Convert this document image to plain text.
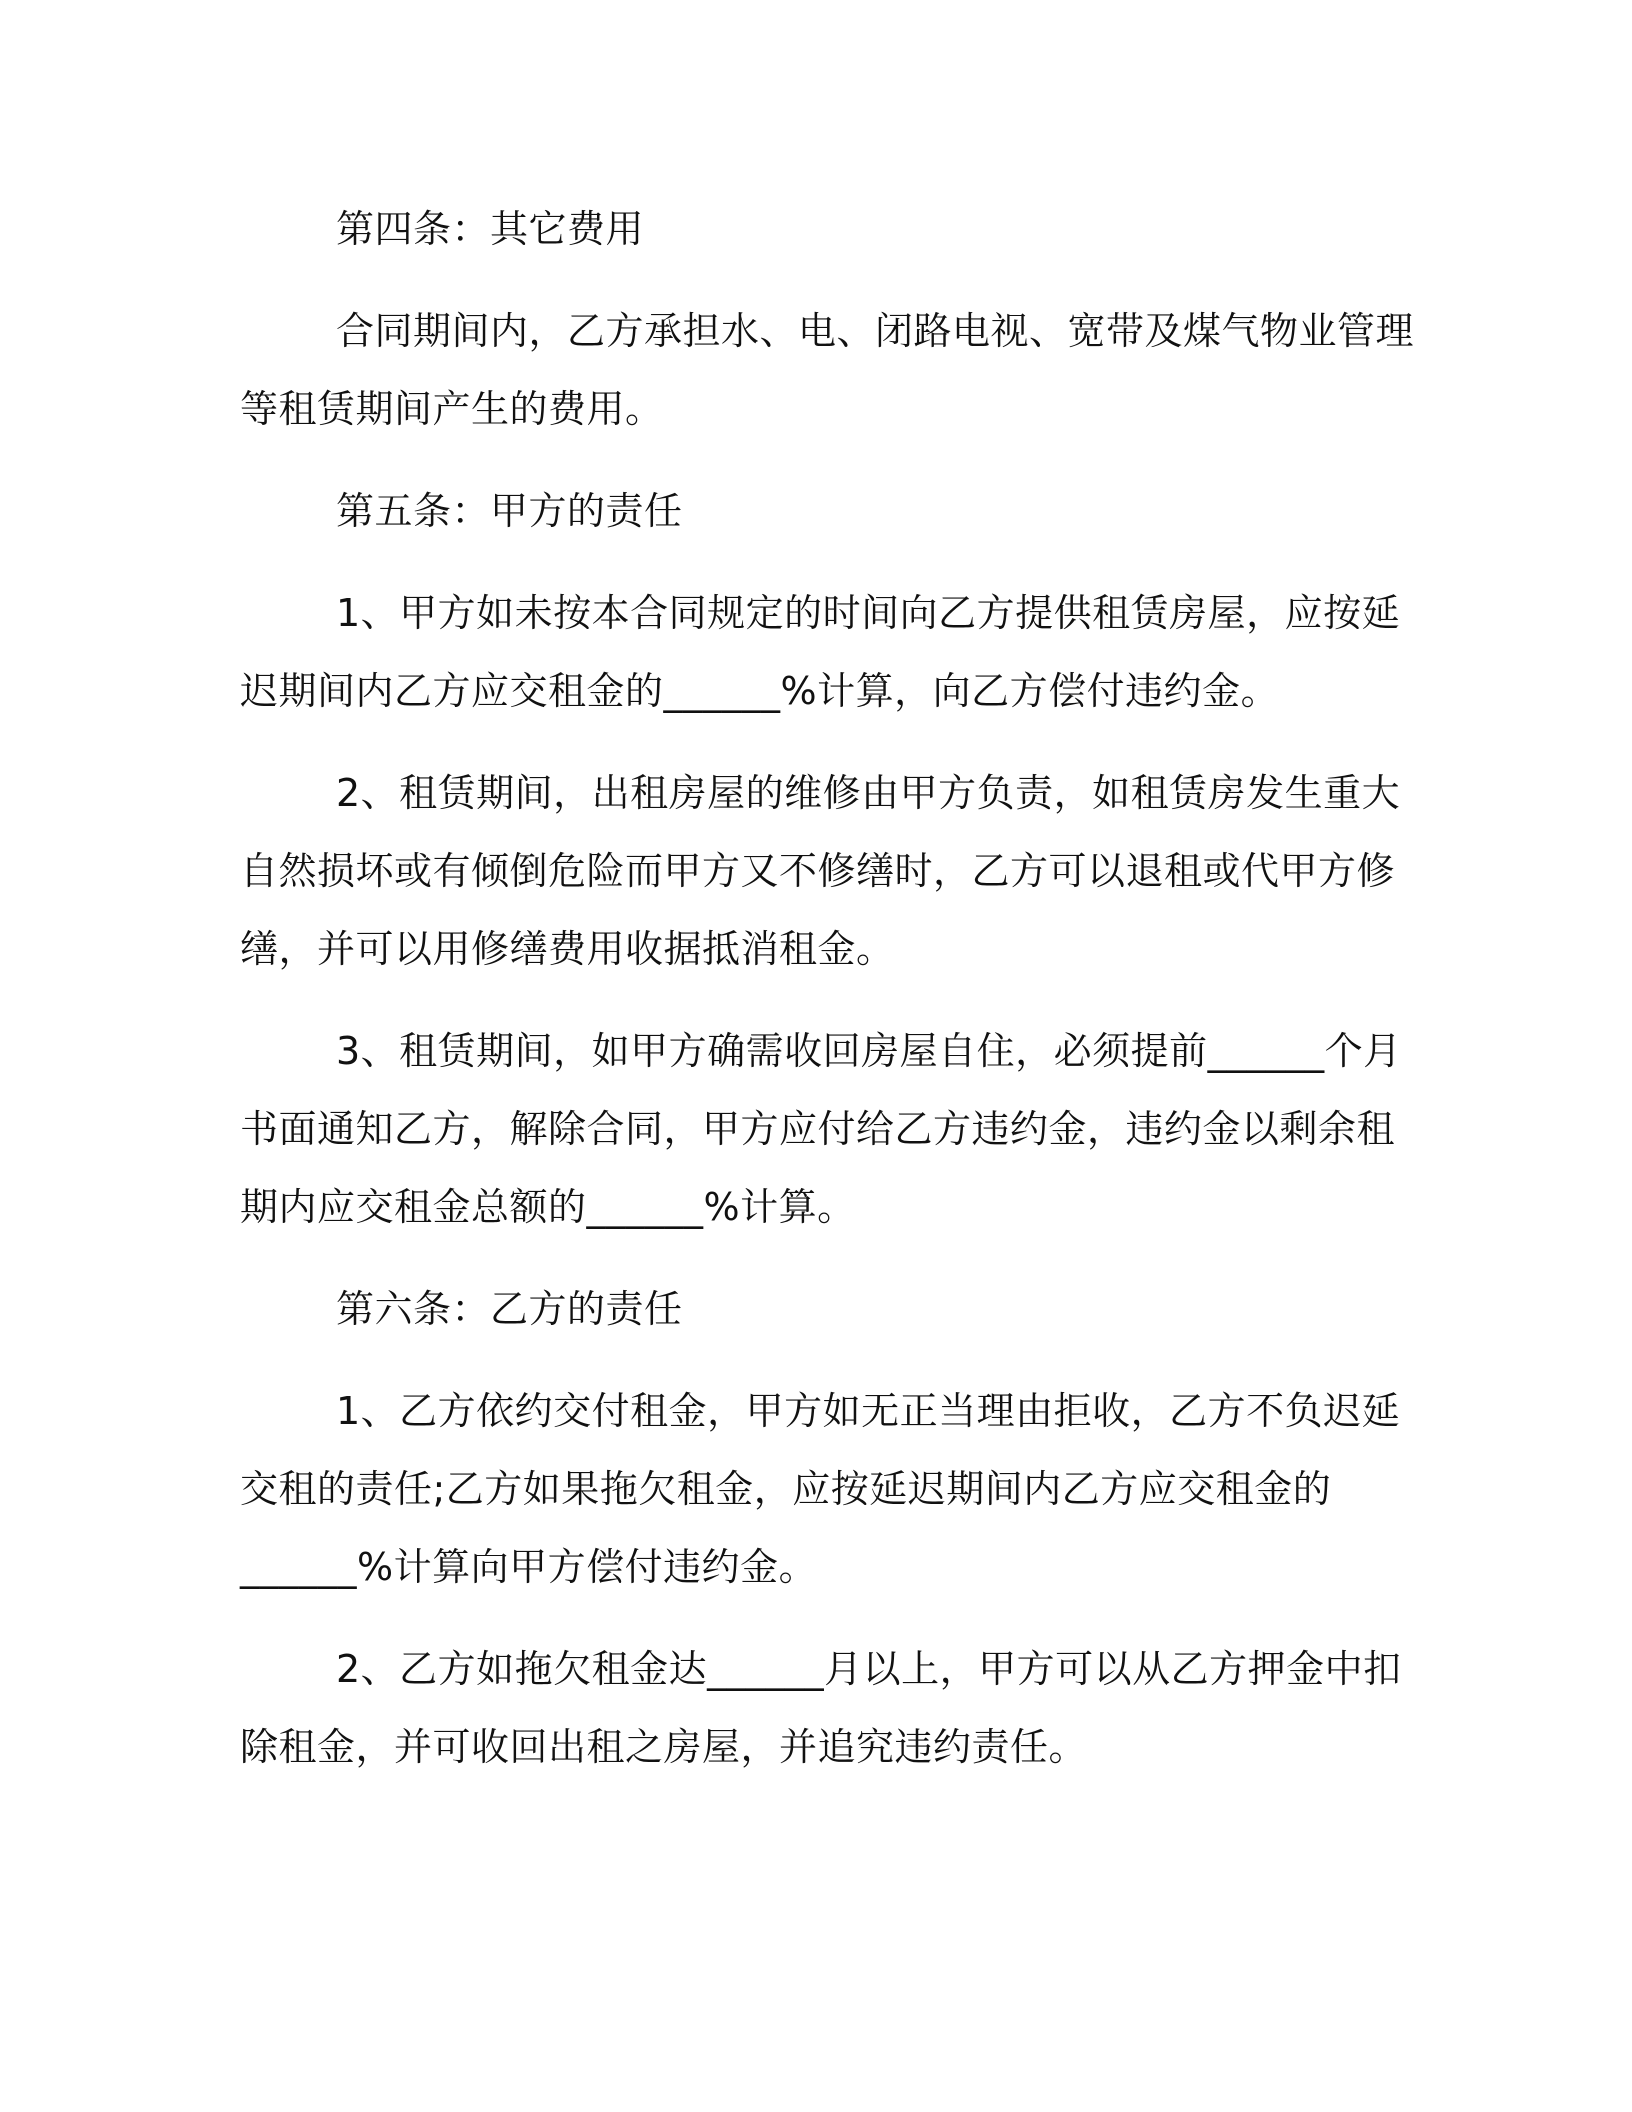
第四条：其它费用
合同期间内，乙方承担水、电、闭路电视、宽带及煤气物业管理
等租赁期间产生的费用。
第五条：甲方的责任
1、甲方如未按本合同规定的时间向乙方提供租赁房屋，应按延
迟期间内乙方应交租金的______%计算，向乙方偿付违约金。
2、租赁期间，出租房屋的维修由甲方负责，如租赁房发生重大
自然损坏或有倾倒危险而甲方又不修缮时，乙方可以退租或代甲方修
缮，并可以用修缮费用收据抵消租金。
3、租赁期间，如甲方确需收回房屋自住，必须提前______个月
书面通知乙方，解除合同，甲方应付给乙方违约金，违约金以剩余租
期内应交租金总额的______%计算。
第六条：乙方的责任
1、乙方依约交付租金，甲方如无正当理由拒收，乙方不负迟延
交租的责任;乙方如果拖欠租金，应按延迟期间内乙方应交租金的
______%计算向甲方偿付违约金。
2、乙方如拖欠租金达______月以上，甲方可以从乙方押金中扣
除租金，并可收回出租之房屋，并追究违约责任。
